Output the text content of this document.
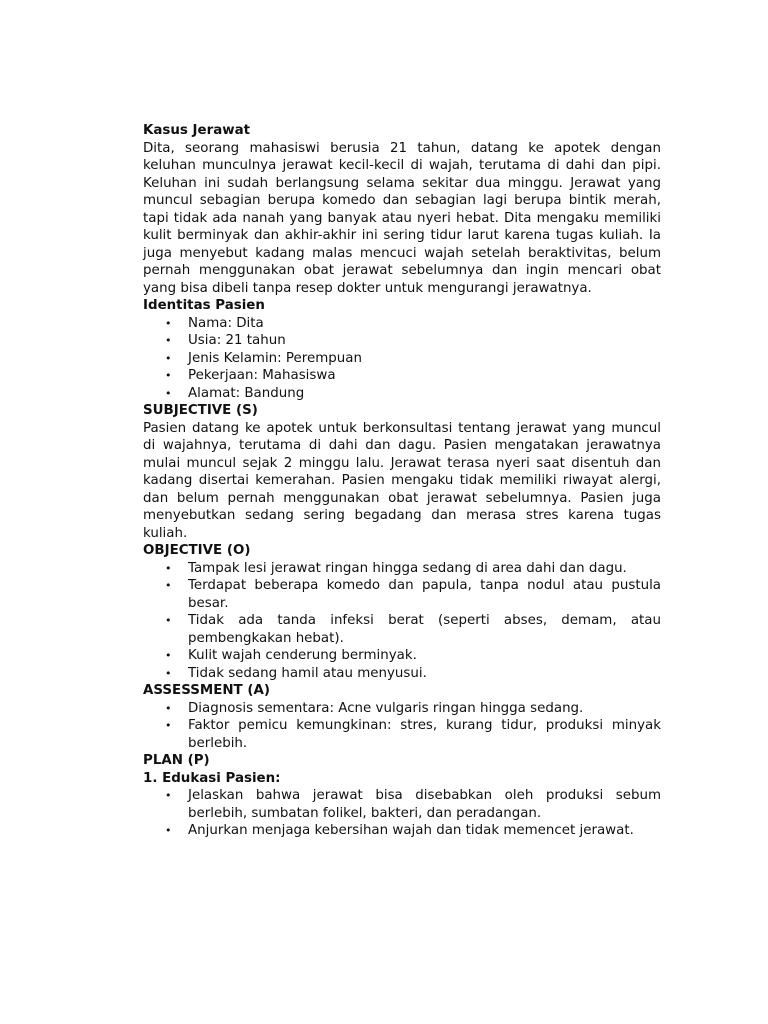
Kasus Jerawat

Dita, seorang mahasiswi berusia 21 tahun, datang ke apotek dengan keluhan munculnya jerawat kecil-kecil di wajah, terutama di dahi dan pipi. Keluhan ini sudah berlangsung selama sekitar dua minggu. Jerawat yang muncul sebagian berupa komedo dan sebagian lagi berupa bintik merah, tapi tidak ada nanah yang banyak atau nyeri hebat. Dita mengaku memiliki kulit berminyak dan akhir-akhir ini sering tidur larut karena tugas kuliah. Ia juga menyebut kadang malas mencuci wajah setelah beraktivitas, belum pernah menggunakan obat jerawat sebelumnya dan ingin mencari obat yang bisa dibeli tanpa resep dokter untuk mengurangi jerawatnya.

Identitas Pasien

• Nama: Dita
• Usia: 21 tahun
• Jenis Kelamin: Perempuan
• Pekerjaan: Mahasiswa
• Alamat: Bandung

SUBJECTIVE (S)

Pasien datang ke apotek untuk berkonsultasi tentang jerawat yang muncul di wajahnya, terutama di dahi dan dagu. Pasien mengatakan jerawatnya mulai muncul sejak 2 minggu lalu. Jerawat terasa nyeri saat disentuh dan kadang disertai kemerahan. Pasien mengaku tidak memiliki riwayat alergi, dan belum pernah menggunakan obat jerawat sebelumnya. Pasien juga menyebutkan sedang sering begadang dan merasa stres karena tugas kuliah.

OBJECTIVE (O)

• Tampak lesi jerawat ringan hingga sedang di area dahi dan dagu.
• Terdapat beberapa komedo dan papula, tanpa nodul atau pustula besar.
• Tidak ada tanda infeksi berat (seperti abses, demam, atau pembengkakan hebat).
• Kulit wajah cenderung berminyak.
• Tidak sedang hamil atau menyusui.

ASSESSMENT (A)

• Diagnosis sementara: Acne vulgaris ringan hingga sedang.
• Faktor pemicu kemungkinan: stres, kurang tidur, produksi minyak berlebih.

PLAN (P)

1. Edukasi Pasien:

• Jelaskan bahwa jerawat bisa disebabkan oleh produksi sebum berlebih, sumbatan folikel, bakteri, dan peradangan.
• Anjurkan menjaga kebersihan wajah dan tidak memencet jerawat.
